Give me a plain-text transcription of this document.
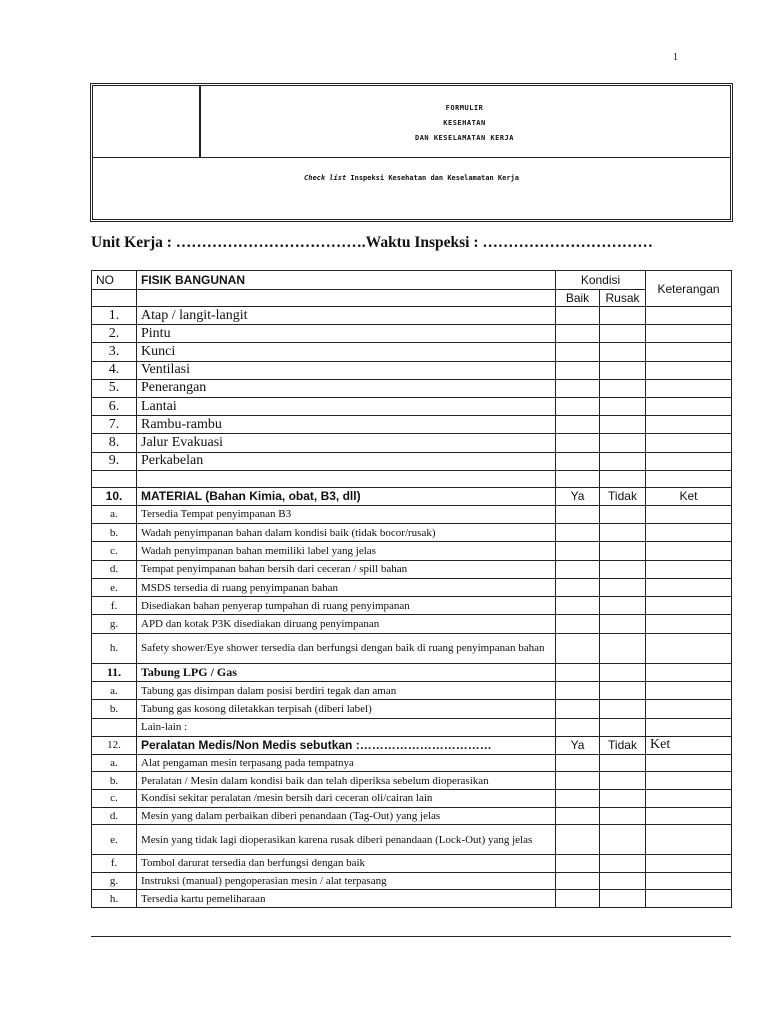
1
FORMULIR
KESEHATAN
DAN KESELAMATAN KERJA
Check list Inspeksi Kesehatan dan Keselamatan Kerja
Unit Kerja : ……………………………….Waktu Inspeksi : ……………………………
NO	FISIK BANGUNAN	Kondisi		Keterangan
		Baik	Rusak	
1.	Atap / langit-langit			
2.	Pintu			
3.	Kunci			
4.	Ventilasi			
5.	Penerangan			
6.	Lantai			
7.	Rambu-rambu			
8.	Jalur Evakuasi			
9.	Perkabelan			

10.	MATERIAL (Bahan Kimia, obat, B3, dll)	Ya	Tidak	Ket
a.	Tersedia Tempat penyimpanan B3			
b.	Wadah penyimpanan bahan dalam kondisi baik (tidak bocor/rusak)			
c.	Wadah penyimpanan bahan memiliki label yang jelas			
d.	Tempat penyimpanan bahan bersih dari ceceran / spill bahan			
e.	MSDS tersedia di ruang penyimpanan bahan			
f.	Disediakan bahan penyerap tumpahan di ruang penyimpanan			
g.	APD dan kotak P3K disediakan diruang penyimpanan			
h.	Safety shower/Eye shower tersedia dan berfungsi dengan baik di ruang penyimpanan bahan			
11.	Tabung LPG / Gas			
a.	Tabung gas disimpan dalam posisi berdiri tegak dan aman			
b.	Tabung gas kosong diletakkan terpisah (diberi label)			
	Lain-lain :			
12.	Peralatan Medis/Non Medis sebutkan :……………………………	Ya	Tidak	Ket
a.	Alat pengaman mesin terpasang pada tempatnya			
b.	Peralatan / Mesin dalam kondisi baik dan telah diperiksa sebelum dioperasikan			
c.	Kondisi sekitar peralatan /mesin bersih dari ceceran oli/cairan lain			
d.	Mesin yang dalam perbaikan diberi penandaan (Tag-Out) yang jelas			
e.	Mesin yang tidak lagi dioperasikan karena rusak diberi penandaan (Lock-Out) yang jelas			
f.	Tombol darurat tersedia dan berfungsi dengan baik			
g.	Instruksi (manual) pengoperasian mesin / alat terpasang			
h.	Tersedia kartu pemeliharaan			
